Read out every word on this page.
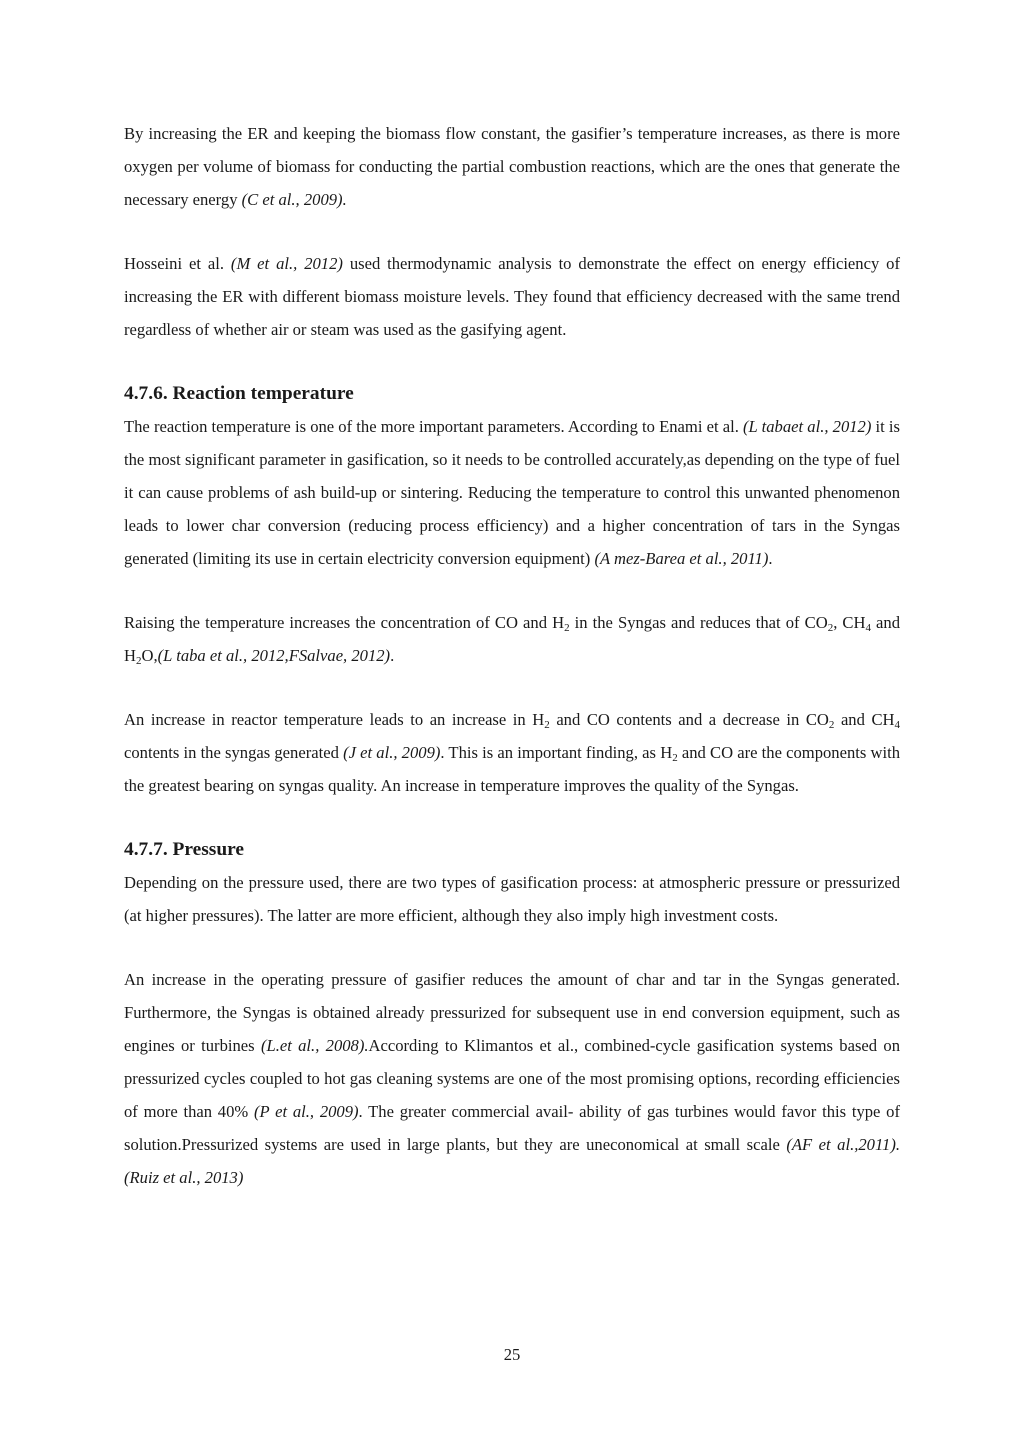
By increasing the ER and keeping the biomass flow constant, the gasifier’s temperature increases, as there is more oxygen per volume of biomass for conducting the partial combustion reactions, which are the ones that generate the necessary energy (C et al., 2009).

Hosseini et al. (M et al., 2012) used thermodynamic analysis to demonstrate the effect on energy efficiency of increasing the ER with different biomass moisture levels. They found that efficiency decreased with the same trend regardless of whether air or steam was used as the gasifying agent.

4.7.6. Reaction temperature

The reaction temperature is one of the more important parameters. According to Enami et al. (L tabaet al., 2012) it is the most significant parameter in gasification, so it needs to be controlled accurately,as depending on the type of fuel it can cause problems of ash build-up or sintering. Reducing the temperature to control this unwanted phenomenon leads to lower char conversion (reducing process efficiency) and a higher concentration of tars in the Syngas generated (limiting its use in certain electricity conversion equipment) (A mez-Barea et al., 2011).

Raising the temperature increases the concentration of CO and $H_2$ in the Syngas and reduces that of $CO_2$, $CH_4$ and $H_2O,(L$ taba et al., 2012,FSalvae, 2012).

An increase in reactor temperature leads to an increase in $H_2$ and CO contents and a decrease in $CO_2$ and $CH_4$ contents in the syngas generated (J et al., 2009). This is an important finding, as $H_2$ and CO are the components with the greatest bearing on syngas quality. An increase in temperature improves the quality of the Syngas.

4.7.7. Pressure

Depending on the pressure used, there are two types of gasification process: at atmospheric pressure or pressurized (at higher pressures). The latter are more efficient, although they also imply high investment costs.

An increase in the operating pressure of gasifier reduces the amount of char and tar in the Syngas generated. Furthermore, the Syngas is obtained already pressurized for subsequent use in end conversion equipment, such as engines or turbines (L.et al., 2008).According to Klimantos et al., combined-cycle gasification systems based on pressurized cycles coupled to hot gas cleaning systems are one of the most promising options, recording efficiencies of more than 40% (P et al., 2009). The greater commercial avail- ability of gas turbines would favor this type of solution.Pressurized systems are used in large plants, but they are uneconomical at small scale (AF et al.,2011). (Ruiz et al., 2013)

25
